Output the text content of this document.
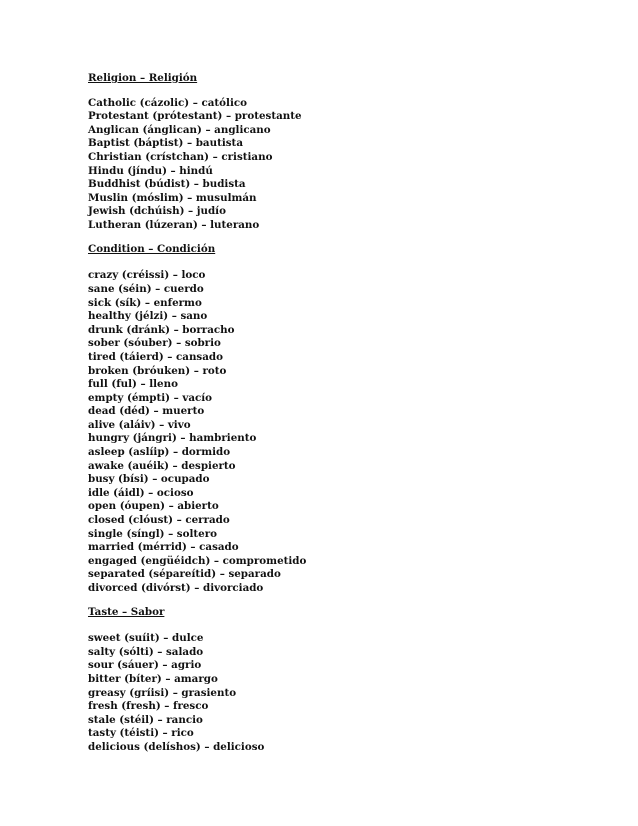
Religion – Religión

Catholic (cázolic) – católico

Protestant (prótestant) – protestante

Anglican (ánglican) – anglicano

Baptist (báptist) – bautista

Christian (crístchan) – cristiano

Hindu (jíndu) – hindú

Buddhist (búdist) – budista

Muslin (móslim) – musulmán

Jewish (dchúish) – judío

Lutheran (lúzeran) – luterano

Condition – Condición

crazy (créissi) – loco

sane (séin) – cuerdo

sick (sík) – enfermo

healthy (jélzi) – sano

drunk (dránk) – borracho

sober (sóuber) – sobrio

tired (táierd) – cansado

broken (bróuken) – roto

full (ful) – lleno

empty (émpti) – vacío

dead (déd) – muerto

alive (aláiv) – vivo

hungry (jángri) – hambriento

asleep (aslíip) – dormido

awake (auéik) – despierto

busy (bísi) – ocupado

idle (áidl) – ocioso

open (óupen) – abierto

closed (clóust) – cerrado

single (síngl) – soltero

married (mérrid) – casado

engaged (engüéidch) – comprometido

separated (sépareítid) – separado

divorced (divórst) – divorciado

Taste – Sabor

sweet (suíit) – dulce

salty (sólti) – salado

sour (sáuer) – agrio

bitter (bíter) – amargo

greasy (gríisi) – grasiento

fresh (fresh) – fresco

stale (stéil) – rancio

tasty (téisti) – rico

delicious (delíshos) – delicioso
